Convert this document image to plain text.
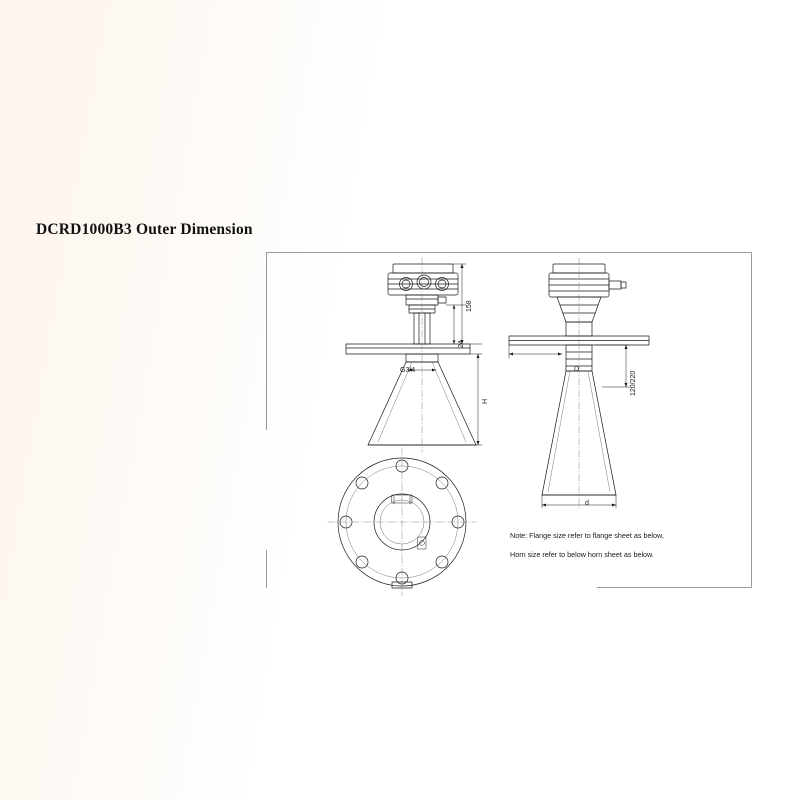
DCRD1000B3 Outer Dimension
158
24
H
G3/4	D
120/220
d
Note: Flange size refer to flange sheet as below,
Horn size refer to below horn sheet as below.
